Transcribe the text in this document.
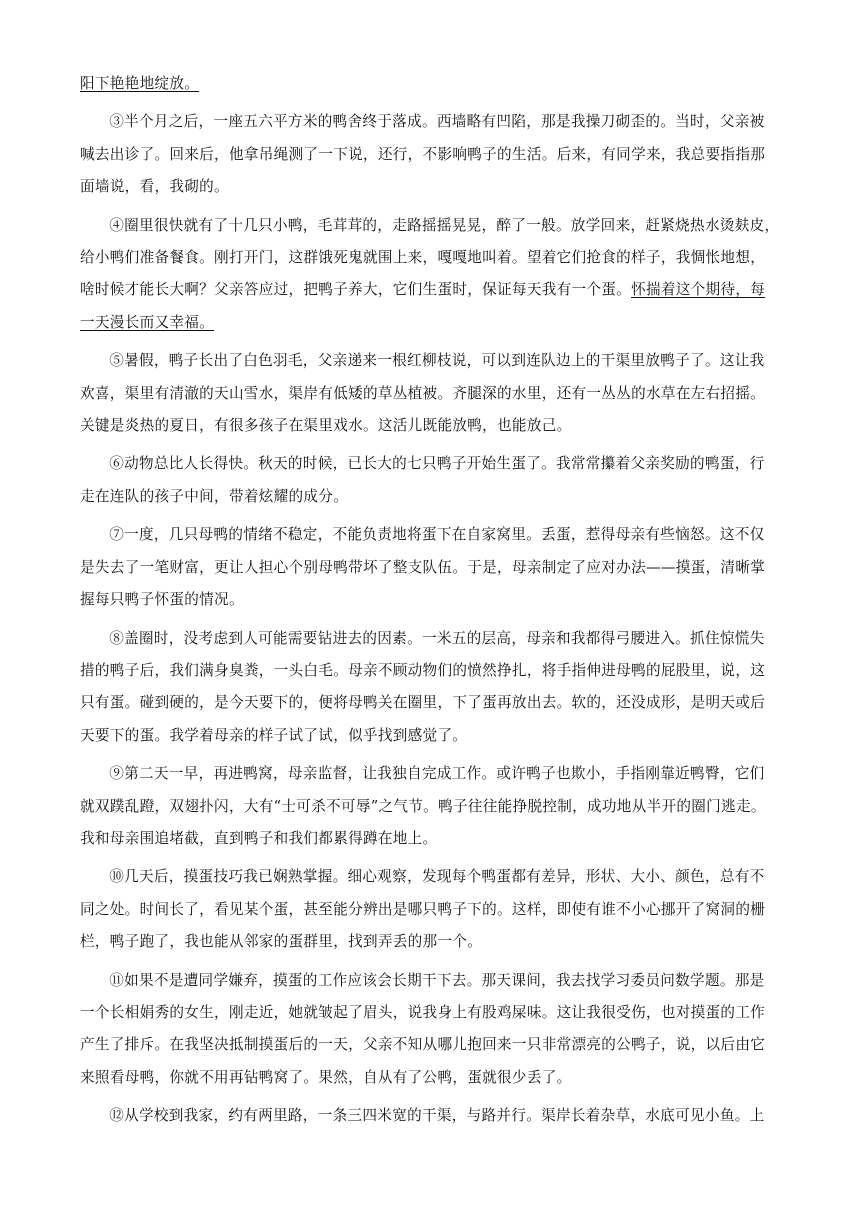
阳下艳艳地绽放。
③半个月之后，一座五六平方米的鸭舍终于落成。西墙略有凹陷，那是我操刀砌歪的。当时，父亲被
喊去出诊了。回来后，他拿吊绳测了一下说，还行，不影响鸭子的生活。后来，有同学来，我总要指指那
面墙说，看，我砌的。
④圈里很快就有了十几只小鸭，毛茸茸的，走路摇摇晃晃，醉了一般。放学回来，赶紧烧热水烫麸皮，
给小鸭们准备餐食。刚打开门，这群饿死鬼就围上来，嘎嘎地叫着。望着它们抢食的样子，我惆怅地想，
啥时候才能长大啊？父亲答应过，把鸭子养大，它们生蛋时，保证每天我有一个蛋。怀揣着这个期待，每
一天漫长而又幸福。
⑤暑假，鸭子长出了白色羽毛，父亲递来一根红柳枝说，可以到连队边上的干渠里放鸭子了。这让我
欢喜，渠里有清澈的天山雪水，渠岸有低矮的草丛植被。齐腿深的水里，还有一丛丛的水草在左右招摇。
关键是炎热的夏日，有很多孩子在渠里戏水。这活儿既能放鸭，也能放己。
⑥动物总比人长得快。秋天的时候，已长大的七只鸭子开始生蛋了。我常常攥着父亲奖励的鸭蛋，行
走在连队的孩子中间，带着炫耀的成分。
⑦一度，几只母鸭的情绪不稳定，不能负责地将蛋下在自家窝里。丢蛋，惹得母亲有些恼怒。这不仅
是失去了一笔财富，更让人担心个别母鸭带坏了整支队伍。于是，母亲制定了应对办法——摸蛋，清晰掌
握每只鸭子怀蛋的情况。
⑧盖圈时，没考虑到人可能需要钻进去的因素。一米五的层高，母亲和我都得弓腰进入。抓住惊慌失
措的鸭子后，我们满身臭粪，一头白毛。母亲不顾动物们的愤然挣扎，将手指伸进母鸭的屁股里，说，这
只有蛋。碰到硬的，是今天要下的，便将母鸭关在圈里，下了蛋再放出去。软的，还没成形，是明天或后
天要下的蛋。我学着母亲的样子试了试，似乎找到感觉了。
⑨第二天一早，再进鸭窝，母亲监督，让我独自完成工作。或许鸭子也欺小，手指刚靠近鸭臀，它们
就双蹼乱蹬，双翅扑闪，大有“士可杀不可辱”之气节。鸭子往往能挣脱控制，成功地从半开的圈门逃走。
我和母亲围追堵截，直到鸭子和我们都累得蹲在地上。
⑩几天后，摸蛋技巧我已娴熟掌握。细心观察，发现每个鸭蛋都有差异，形状、大小、颜色，总有不
同之处。时间长了，看见某个蛋，甚至能分辨出是哪只鸭子下的。这样，即使有谁不小心挪开了窝洞的栅
栏，鸭子跑了，我也能从邻家的蛋群里，找到弄丢的那一个。
⑪如果不是遭同学嫌弃，摸蛋的工作应该会长期干下去。那天课间，我去找学习委员问数学题。那是
一个长相娟秀的女生，刚走近，她就皱起了眉头，说我身上有股鸡屎味。这让我很受伤，也对摸蛋的工作
产生了排斥。在我坚决抵制摸蛋后的一天，父亲不知从哪儿抱回来一只非常漂亮的公鸭子，说，以后由它
来照看母鸭，你就不用再钻鸭窝了。果然，自从有了公鸭，蛋就很少丢了。
⑫从学校到我家，约有两里路，一条三四米宽的干渠，与路并行。渠岸长着杂草，水底可见小鱼。上
